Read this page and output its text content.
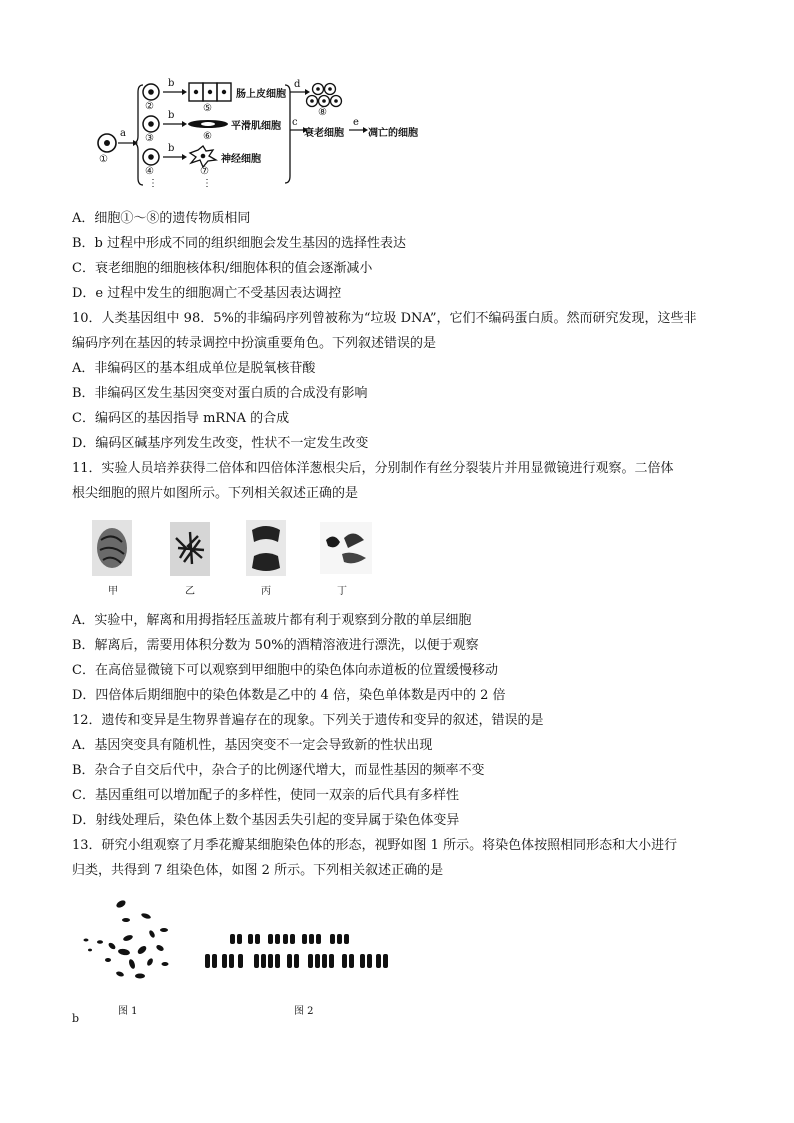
a
①
b
b
b
②
③
④
⋮
⑤
⑥
⑦
⋮
肠上皮细胞
平滑肌细胞
神经细胞
d
⑧
c
衰老细胞
e
凋亡的细胞
A．细胞①～⑧的遗传物质相同
B．b 过程中形成不同的组织细胞会发生基因的选择性表达
C．衰老细胞的细胞核体积/细胞体积的值会逐渐减小
D．e 过程中发生的细胞凋亡不受基因表达调控
10．人类基因组中 98．5%的非编码序列曾被称为“垃圾 DNA”，它们不编码蛋白质。然而研究发现，这些非
编码序列在基因的转录调控中扮演重要角色。下列叙述错误的是
A．非编码区的基本组成单位是脱氧核苷酸
B．非编码区发生基因突变对蛋白质的合成没有影响
C．编码区的基因指导 mRNA 的合成
D．编码区碱基序列发生改变，性状不一定发生改变
11．实验人员培养获得二倍体和四倍体洋葱根尖后，分别制作有丝分裂装片并用显微镜进行观察。二倍体
根尖细胞的照片如图所示。下列相关叙述正确的是
甲	乙	丙	丁
A．实验中，解离和用拇指轻压盖玻片都有利于观察到分散的单层细胞
B．解离后，需要用体积分数为 50%的酒精溶液进行漂洗，以便于观察
C．在高倍显微镜下可以观察到甲细胞中的染色体向赤道板的位置缓慢移动
D．四倍体后期细胞中的染色体数是乙中的 4 倍，染色单体数是丙中的 2 倍
12．遗传和变异是生物界普遍存在的现象。下列关于遗传和变异的叙述，错误的是
A．基因突变具有随机性，基因突变不一定会导致新的性状出现
B．杂合子自交后代中，杂合子的比例逐代增大，而显性基因的频率不变
C．基因重组可以增加配子的多样性，使同一双亲的后代具有多样性
D．射线处理后，染色体上数个基因丢失引起的变异属于染色体变异
13．研究小组观察了月季花瓣某细胞染色体的形态，视野如图 1 所示。将染色体按照相同形态和大小进行
归类，共得到 7 组染色体，如图 2 所示。下列相关叙述正确的是
图 1	图 2
b
